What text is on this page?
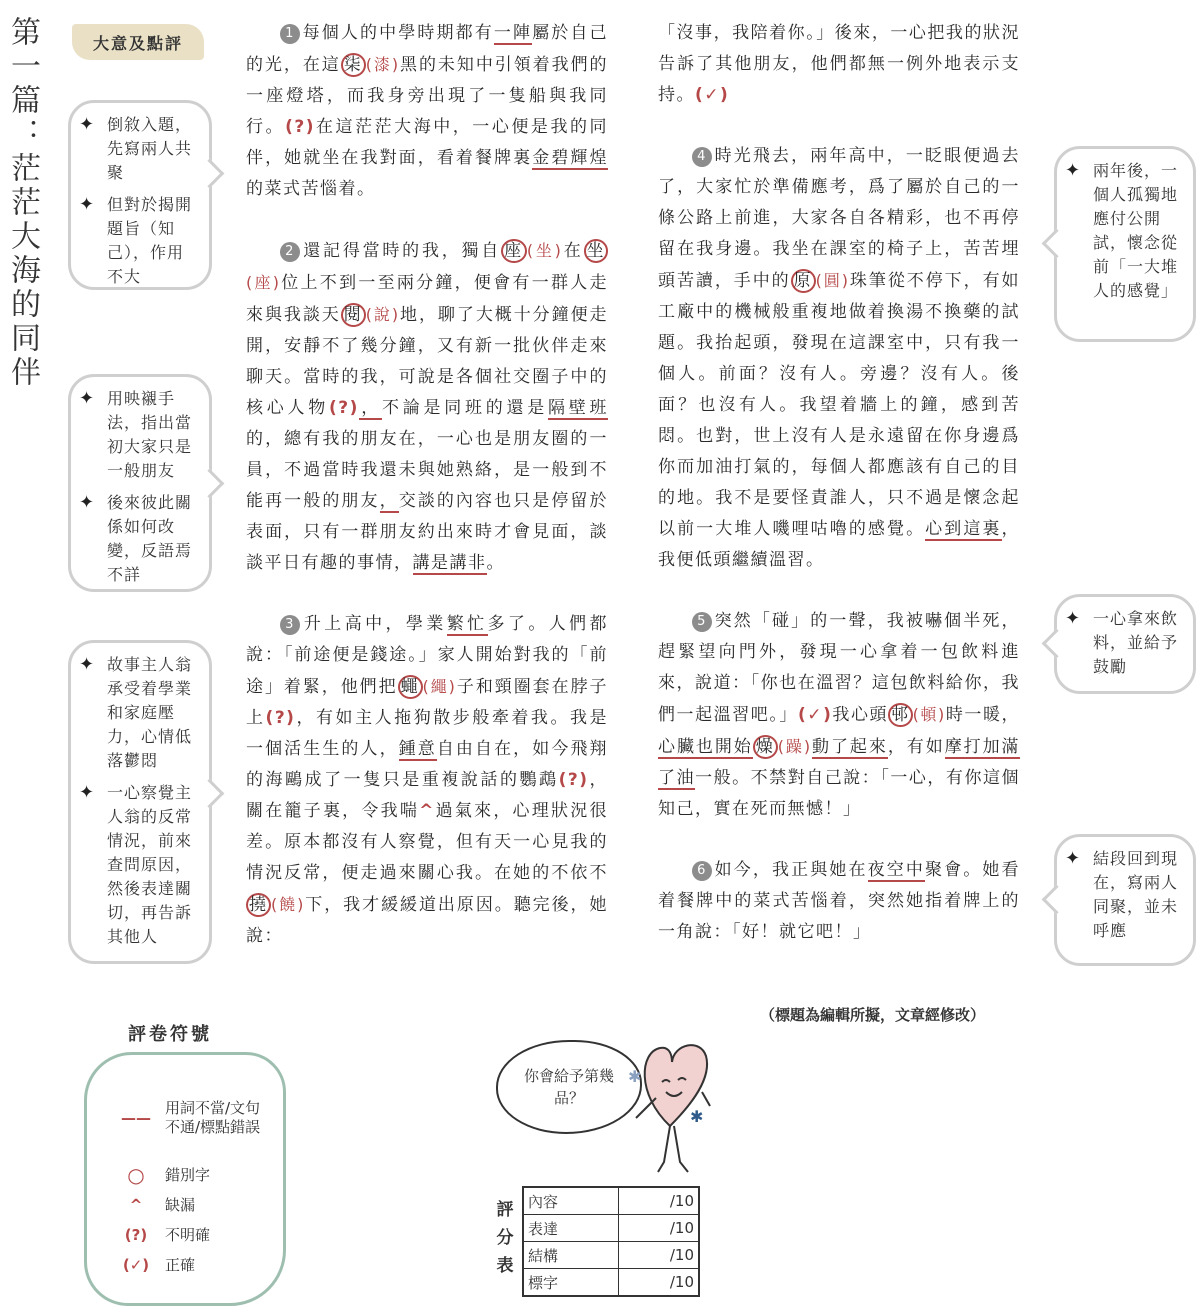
第一篇：茫茫大海的同伴	大意及點評
✦ 倒敘入題，先寫兩人共聚
✦ 但對於揭開題旨（知己），作用不大
✦ 用映襯手法，指出當初大家只是一般朋友
✦ 後來彼此關係如何改變，反語焉不詳
✦ 故事主人翁承受着學業和家庭壓力，心情低落鬱悶
✦ 一心察覺主人翁的反常情況，前來查問原因，然後表達關切，再告訴其他人
✦ 兩年後，一個人孤獨地應付公開試，懷念從前「一大堆人的感覺」
✦ 一心拿來飲料，並給予鼓勵
✦ 結段回到現在，寫兩人同聚，並未呼應

1 每個人的中學時期都有一陣屬於自己的光，在這 柒 (漆)黑的未知中引領着我們的一座燈塔，而我身旁出現了一隻船與我同行。(?)在這茫茫大海中，一心便是我的同伴，她就坐在我對面，看着餐牌裏金碧輝煌的菜式苦惱着。

2 還記得當時的我，獨自 座 (坐)在 坐(座)位上不到一至兩分鐘，便會有一群人走來與我談天 閱 (說)地，聊了大概十分鐘便走開，安靜不了幾分鐘，又有新一批伙伴走來聊天。當時的我，可說是各個社交圈子中的核心人物(?)，不論是同班的還是隔壁班的，總有我的朋友在，一心也是朋友圈的一員，不過當時我還未與她熟絡，是一般到不能再一般的朋友，交談的內容也只是停留於表面，只有一群朋友約出來時才會見面，談談平日有趣的事情，講是講非。

3 升上高中，學業繁忙多了。人們都說：「前途便是錢途。」家人開始對我的「前途」着緊，他們把 蠅 (繩)子和頸圈套在脖子上(?)，有如主人拖狗散步般牽着我。我是一個活生生的人，鍾意自由自在，如今飛翔的海鷗成了一隻只是重複說話的鸚鵡(?)，關在籠子裏，令我喘^過氣來，心理狀況很差。原本都沒有人察覺，但有天一心見我的情況反常，便走過來關心我。在她的不依不撓 (饒)下，我才緩緩道出原因。聽完後，她說：

「沒事，我陪着你。」後來，一心把我的狀況告訴了其他朋友，他們都無一例外地表示支持。(✓)

4 時光飛去，兩年高中，一眨眼便過去了，大家忙於準備應考，爲了屬於自己的一條公路上前進，大家各自各精彩，也不再停留在我身邊。我坐在課室的椅子上，苦苦埋頭苦讀，手中的 原 (圓)珠筆從不停下，有如工廠中的機械般重複地做着換湯不換藥的試題。我抬起頭，發現在這課室中，只有我一個人。前面？沒有人。旁邊？沒有人。後面？也沒有人。我望着牆上的鐘，感到苦悶。也對，世上沒有人是永遠留在你身邊爲你而加油打氣的，每個人都應該有自己的目的地。我不是要怪責誰人，只不過是懷念起以前一大堆人嘰哩咕嚕的感覺。心到這裏，我便低頭繼續溫習。

5 突然「碰」的一聲，我被嚇個半死，趕緊望向門外，發現一心拿着一包飲料進來，說道：「你也在溫習？這包飲料給你，我們一起溫習吧。」(✓)我心頭 邨 (頓)時一暖，心臟也開始 燥 (躁)動了起來，有如摩打加滿了油一般。不禁對自己說：「一心，有你這個知己，實在死而無憾！」

6 如今，我正與她在夜空中聚會。她看着餐牌中的菜式苦惱着，突然她指着牌上的一角說：「好！就它吧！」

（標題為編輯所擬，文章經修改）
評卷符號
——
用詞不當/文句不通/標點錯誤
○	錯別字
^	缺漏
(?)	不明確
(✓)	正確
你會給予第幾品？
✱
✱
評分表
內容	/10
表達	/10
結構	/10
標字	/10
